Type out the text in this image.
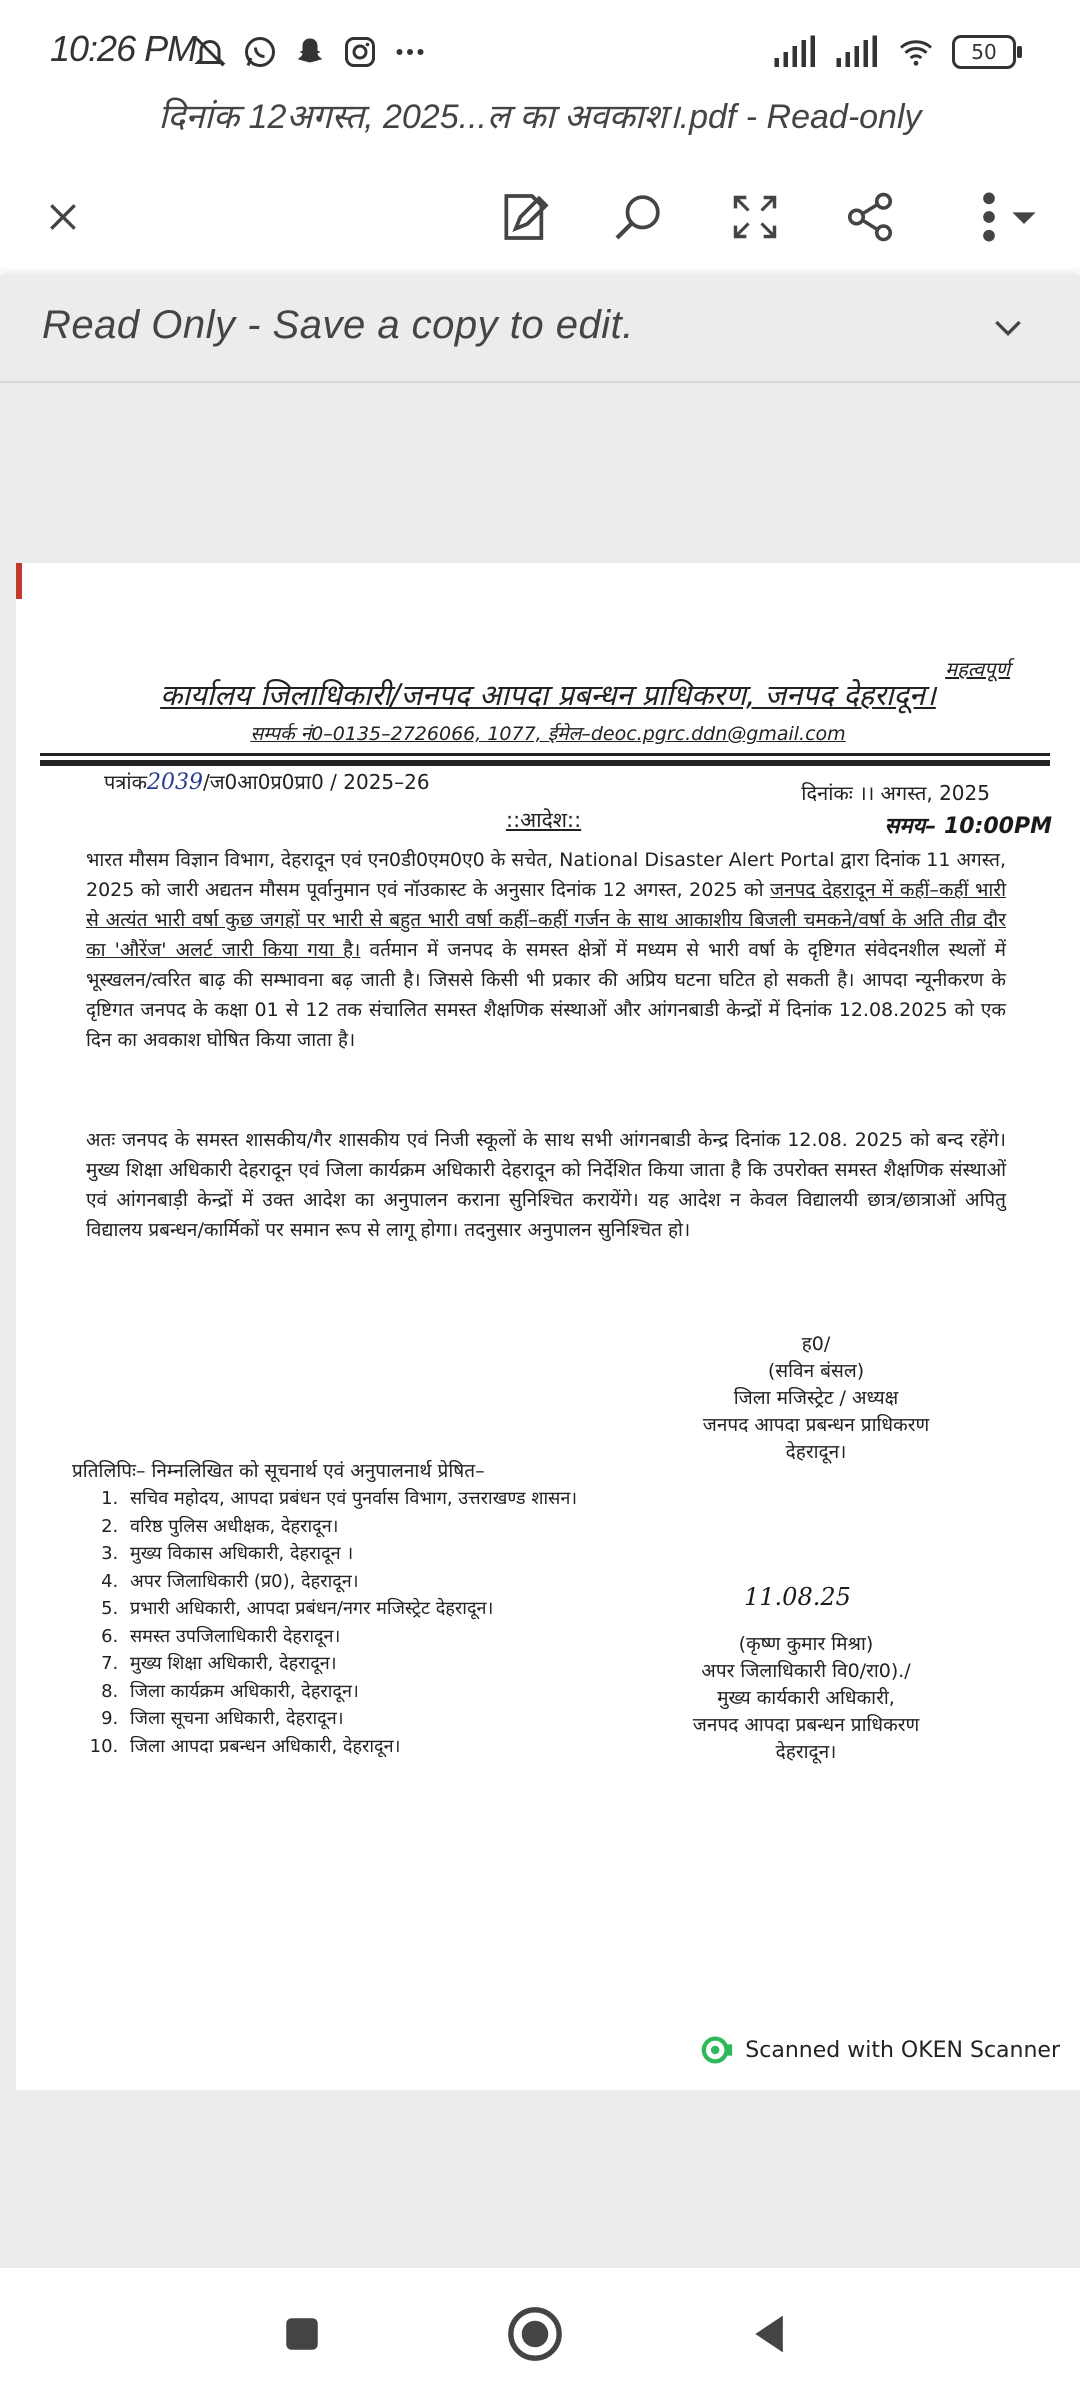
10:26 PM	50
दिनांक 12अगस्त, 2025...ल का अवकाश।.pdf - Read-only
Read Only - Save a copy to edit.
महत्वपूर्ण
कार्यालय जिलाधिकारी/जनपद आपदा प्रबन्धन प्राधिकरण, जनपद देहरादून।
सम्पर्क नं0–0135–2726066, 1077, ईमेल–deoc.pgrc.ddn@gmail.com
पत्रांक2039/ज0आ0प्र0प्रा0 / 2025–26	दिनांकः ।। अगस्त, 2025
::आदेश::	समय– 10:00PM
भारत मौसम विज्ञान विभाग, देहरादून एवं एन0डी0एम0ए0 के सचेत, National Disaster Alert Portal द्वारा दिनांक 11 अगस्त, 2025 को जारी अद्यतन मौसम पूर्वानुमान एवं नॉउकास्ट के अनुसार दिनांक 12 अगस्त, 2025 को जनपद देहरादून में कहीं–कहीं भारी से अत्यंत भारी वर्षा कुछ जगहों पर भारी से बहुत भारी वर्षा कहीं–कहीं गर्जन के साथ आकाशीय बिजली चमकने/वर्षा के अति तीव्र दौर का 'औरेंज' अलर्ट जारी किया गया है। वर्तमान में जनपद के समस्त क्षेत्रों में मध्यम से भारी वर्षा के दृष्टिगत संवेदनशील स्थलों में भूस्खलन/त्वरित बाढ़ की सम्भावना बढ़ जाती है। जिससे किसी भी प्रकार की अप्रिय घटना घटित हो सकती है। आपदा न्यूनीकरण के दृष्टिगत जनपद के कक्षा 01 से 12 तक संचालित समस्त शैक्षणिक संस्थाओं और आंगनबाडी केन्द्रों में दिनांक 12.08.2025 को एक दिन का अवकाश घोषित किया जाता है।
अतः जनपद के समस्त शासकीय/गैर शासकीय एवं निजी स्कूलों के साथ सभी आंगनबाडी केन्द्र दिनांक 12.08. 2025 को बन्द रहेंगे। मुख्य शिक्षा अधिकारी देहरादून एवं जिला कार्यक्रम अधिकारी देहरादून को निर्देशित किया जाता है कि उपरोक्त समस्त शैक्षणिक संस्थाओं एवं आंगनबाड़ी केन्द्रों में उक्त आदेश का अनुपालन कराना सुनिश्चित करायेंगे। यह आदेश न केवल विद्यालयी छात्र/छात्राओं अपितु विद्यालय प्रबन्धन/कार्मिकों पर समान रूप से लागू होगा। तदनुसार अनुपालन सुनिश्चित हो।
ह0/
(सविन बंसल)
जिला मजिस्ट्रेट / अध्यक्ष
जनपद आपदा प्रबन्धन प्राधिकरण
देहरादून।
प्रतिलिपिः– निम्नलिखित को सूचनार्थ एवं अनुपालनार्थ प्रेषित–
1. सचिव महोदय, आपदा प्रबंधन एवं पुनर्वास विभाग, उत्तराखण्ड शासन।
2. वरिष्ठ पुलिस अधीक्षक, देहरादून।
3. मुख्य विकास अधिकारी, देहरादून ।
4. अपर जिलाधिकारी (प्र0), देहरादून।
5. प्रभारी अधिकारी, आपदा प्रबंधन/नगर मजिस्ट्रेट देहरादून।
6. समस्त उपजिलाधिकारी देहरादून।
7. मुख्य शिक्षा अधिकारी, देहरादून।
8. जिला कार्यक्रम अधिकारी, देहरादून।
9. जिला सूचना अधिकारी, देहरादून।
10. जिला आपदा प्रबन्धन अधिकारी, देहरादून।
11.08.25
(कृष्ण कुमार मिश्रा)
अपर जिलाधिकारी वि0/रा0)./
मुख्य कार्यकारी अधिकारी,
जनपद आपदा प्रबन्धन प्राधिकरण
देहरादून।
Scanned with OKEN Scanner
